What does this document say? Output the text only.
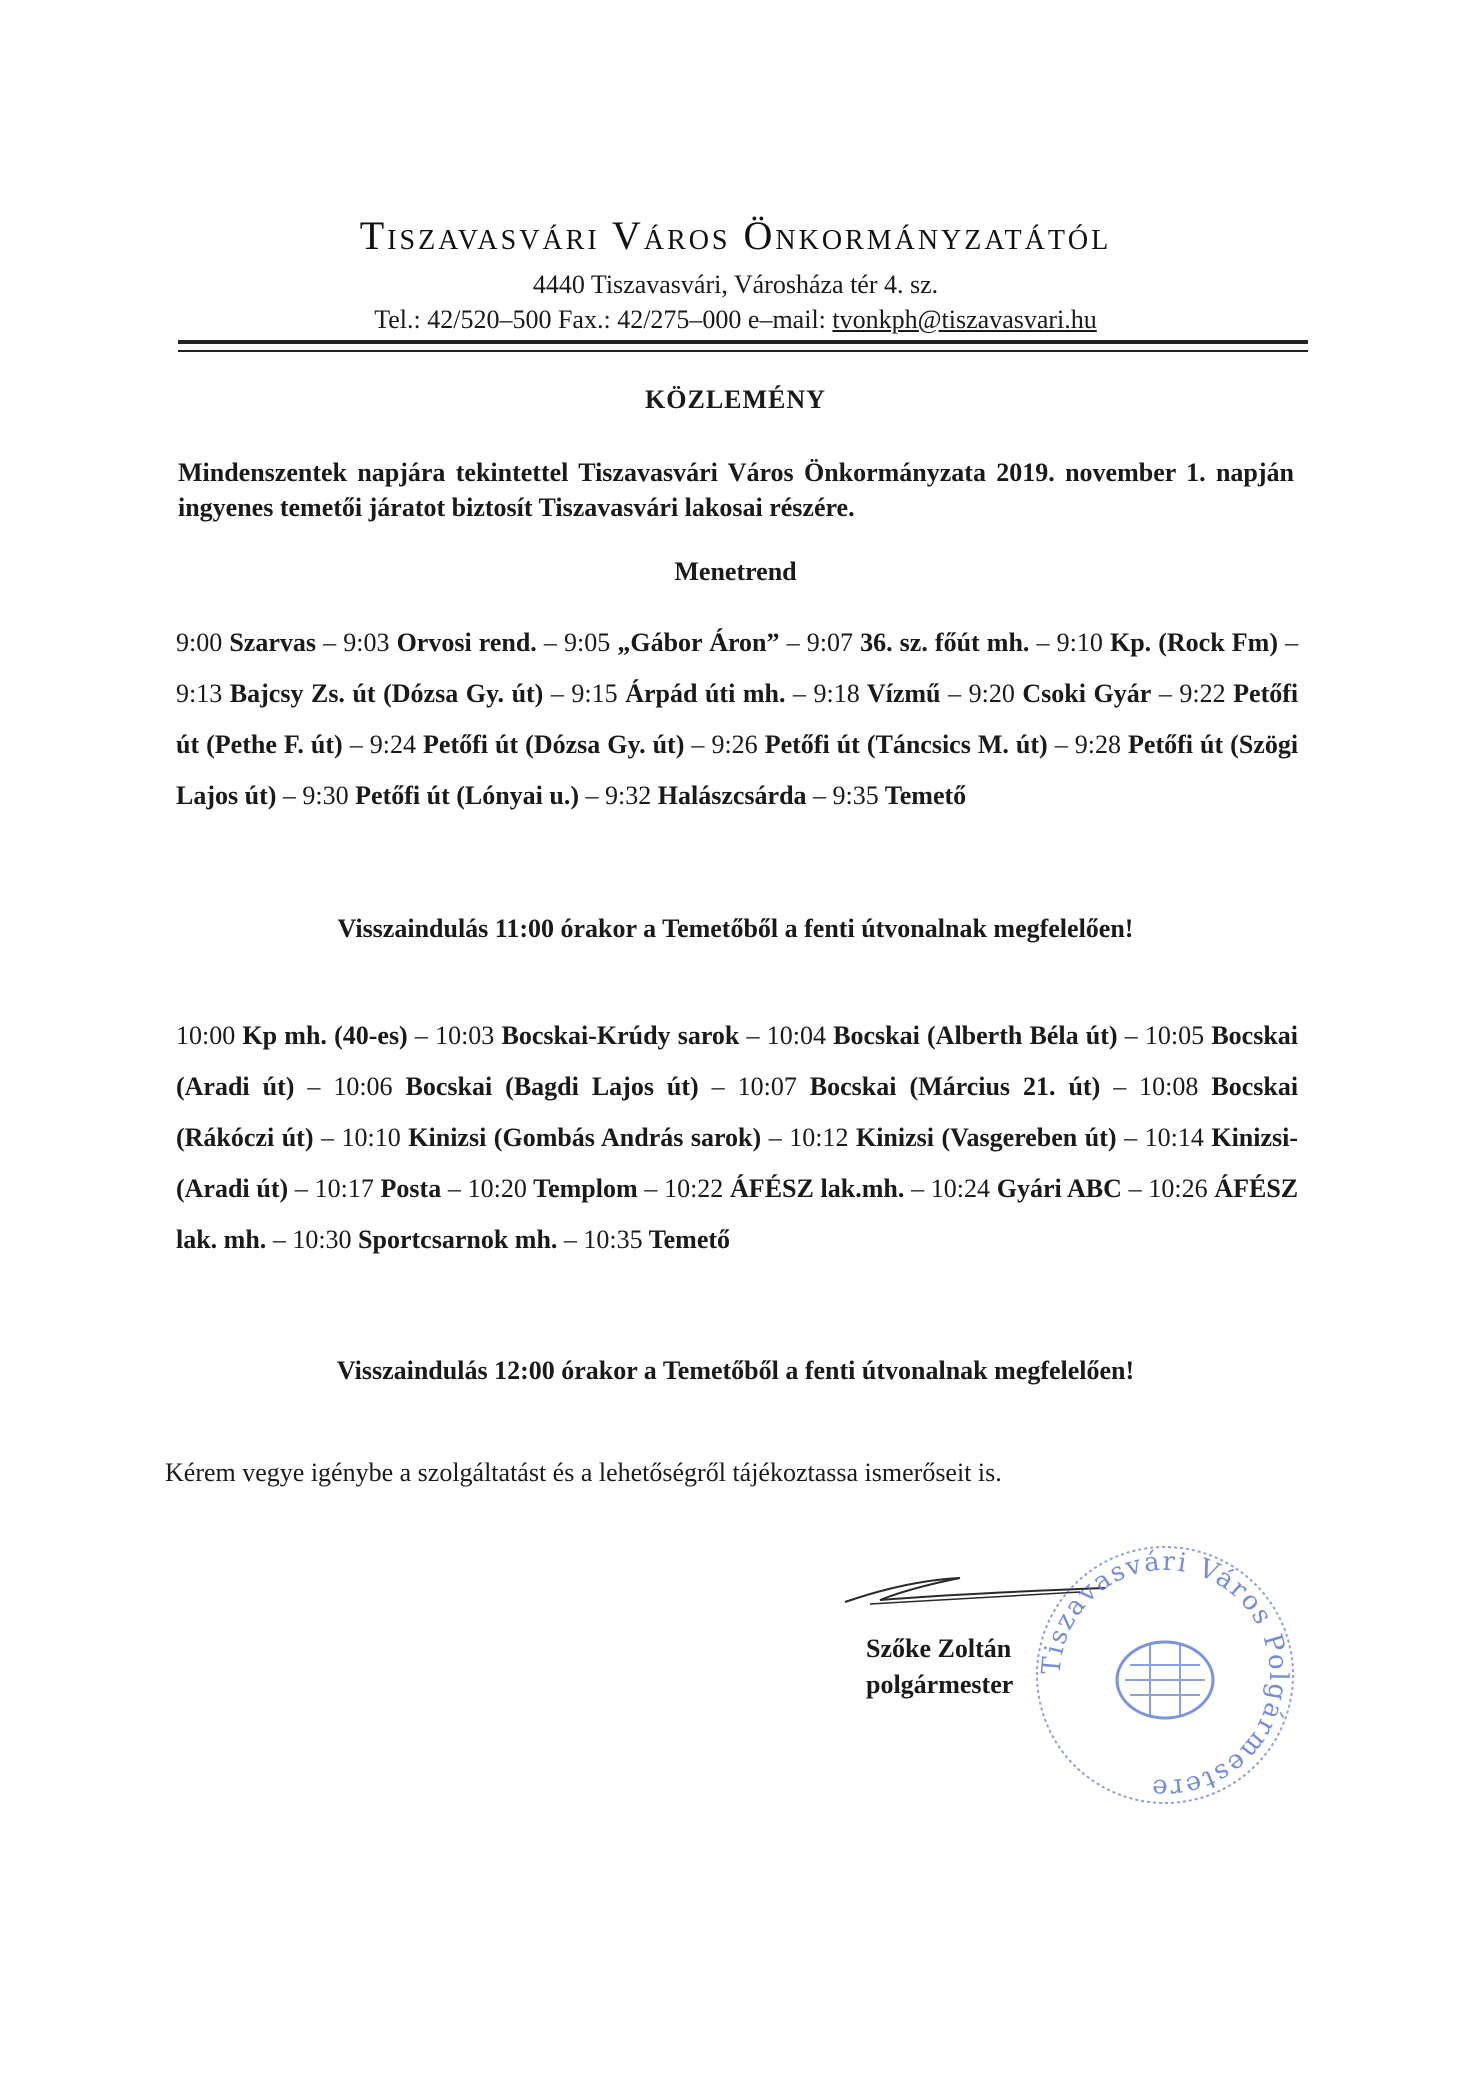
Tiszavasvári Város Önkormányzatától
4440 Tiszavasvári, Városháza tér 4. sz.
Tel.: 42/520–500 Fax.: 42/275–000 e–mail: tvonkph@tiszavasvari.hu
KÖZLEMÉNY
Mindenszentek napjára tekintettel Tiszavasvári Város Önkormányzata 2019. november 1. napján ingyenes temetői járatot biztosít Tiszavasvári lakosai részére.
Menetrend
9:00 Szarvas – 9:03 Orvosi rend. – 9:05 „Gábor Áron” – 9:07 36. sz. főút mh. – 9:10 Kp. (Rock Fm) – 9:13 Bajcsy Zs. út (Dózsa Gy. út) – 9:15 Árpád úti mh. – 9:18 Vízmű – 9:20 Csoki Gyár – 9:22 Petőfi út (Pethe F. út) – 9:24 Petőfi út (Dózsa Gy. út) – 9:26 Petőfi út (Táncsics M. út) – 9:28 Petőfi út (Szögi Lajos út) – 9:30 Petőfi út (Lónyai u.) – 9:32 Halászcsárda – 9:35 Temető
Visszaindulás 11:00 órakor a Temetőből a fenti útvonalnak megfelelően!
10:00 Kp mh. (40-es) – 10:03 Bocskai-Krúdy sarok – 10:04 Bocskai (Alberth Béla út) – 10:05 Bocskai (Aradi út) – 10:06 Bocskai (Bagdi Lajos út) – 10:07 Bocskai (Március 21. út) – 10:08 Bocskai (Rákóczi út) – 10:10 Kinizsi (Gombás András sarok) – 10:12 Kinizsi (Vasgereben út) – 10:14 Kinizsi- (Aradi út) – 10:17 Posta – 10:20 Templom – 10:22 ÁFÉSZ lak.mh. – 10:24 Gyári ABC – 10:26 ÁFÉSZ lak. mh. – 10:30 Sportcsarnok mh. – 10:35 Temető
Visszaindulás 12:00 órakor a Temetőből a fenti útvonalnak megfelelően!
Kérem vegye igénybe a szolgáltatást és a lehetőségről tájékoztassa ismerőseit is.
Szőke Zoltán
polgármester
Tiszavasvári Város Polgármestere
